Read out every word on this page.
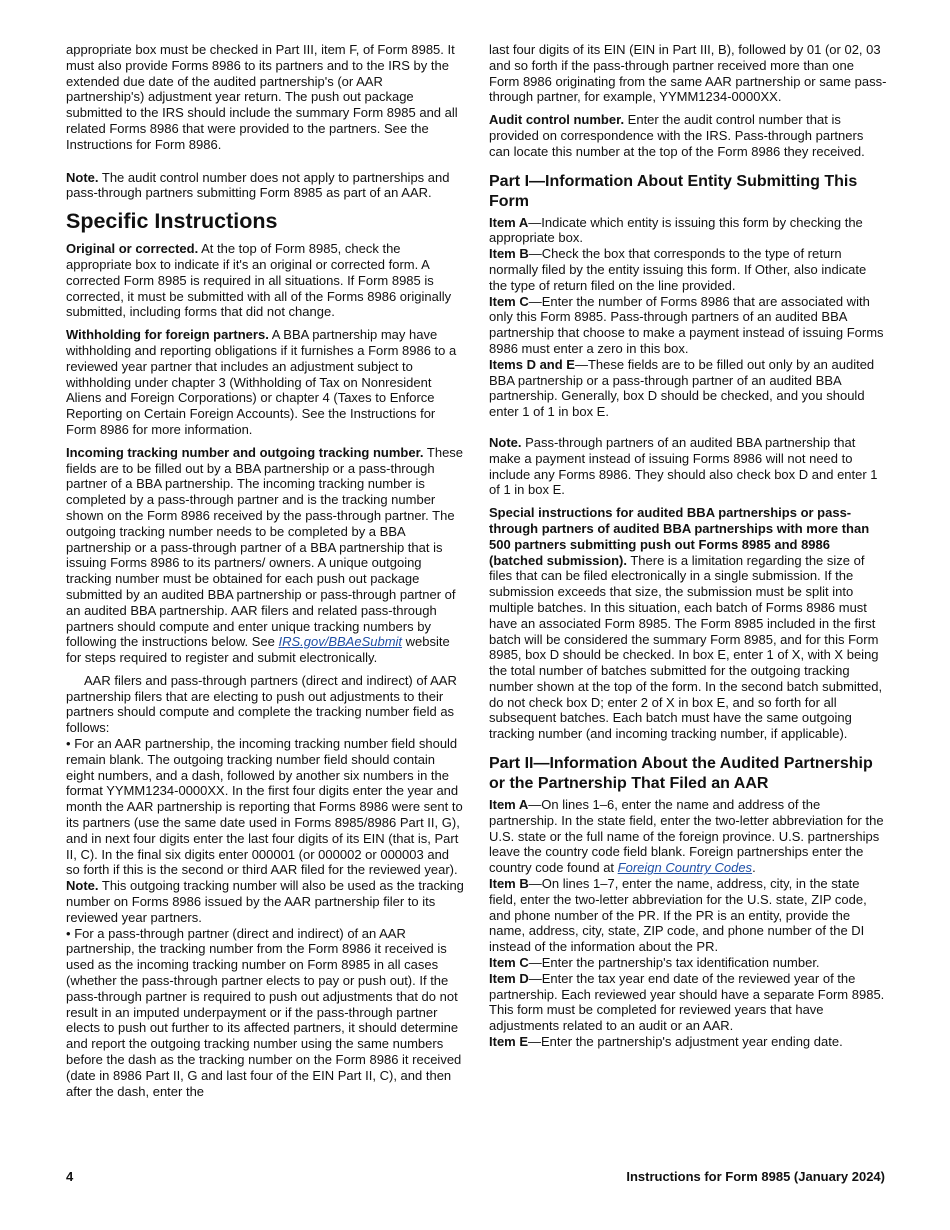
appropriate box must be checked in Part III, item F, of Form 8985. It must also provide Forms 8986 to its partners and to the IRS by the extended due date of the audited partnership's (or AAR partnership's) adjustment year return. The push out package submitted to the IRS should include the summary Form 8985 and all related Forms 8986 that were provided to the partners. See the Instructions for Form 8986.

Note. The audit control number does not apply to partnerships and pass-through partners submitting Form 8985 as part of an AAR.

Specific Instructions

Original or corrected. At the top of Form 8985, check the appropriate box to indicate if it's an original or corrected form. A corrected Form 8985 is required in all situations. If Form 8985 is corrected, it must be submitted with all of the Forms 8986 originally submitted, including forms that did not change.

Withholding for foreign partners. A BBA partnership may have withholding and reporting obligations if it furnishes a Form 8986 to a reviewed year partner that includes an adjustment subject to withholding under chapter 3 (Withholding of Tax on Nonresident Aliens and Foreign Corporations) or chapter 4 (Taxes to Enforce Reporting on Certain Foreign Accounts). See the Instructions for Form 8986 for more information.

Incoming tracking number and outgoing tracking number. These fields are to be filled out by a BBA partnership or a pass-through partner of a BBA partnership. The incoming tracking number is completed by a pass-through partner and is the tracking number shown on the Form 8986 received by the pass-through partner. The outgoing tracking number needs to be completed by a BBA partnership or a pass-through partner of a BBA partnership that is issuing Forms 8986 to its partners/ owners. A unique outgoing tracking number must be obtained for each push out package submitted by an audited BBA partnership or pass-through partner of an audited BBA partnership. AAR filers and related pass-through partners should compute and enter unique tracking numbers by following the instructions below. See IRS.gov/BBAeSubmit website for steps required to register and submit electronically.

AAR filers and pass-through partners (direct and indirect) of AAR partnership filers that are electing to push out adjustments to their partners should compute and complete the tracking number field as follows:

• For an AAR partnership, the incoming tracking number field should remain blank. The outgoing tracking number field should contain eight numbers, and a dash, followed by another six numbers in the format YYMM1234-0000XX. In the first four digits enter the year and month the AAR partnership is reporting that Forms 8986 were sent to its partners (use the same date used in Forms 8985/8986 Part II, G), and in next four digits enter the last four digits of its EIN (that is, Part II, C). In the final six digits enter 000001 (or 000002 or 000003 and so forth if this is the second or third AAR filed for the reviewed year).

Note. This outgoing tracking number will also be used as the tracking number on Forms 8986 issued by the AAR partnership filer to its reviewed year partners.

• For a pass-through partner (direct and indirect) of an AAR partnership, the tracking number from the Form 8986 it received is used as the incoming tracking number on Form 8985 in all cases (whether the pass-through partner elects to pay or push out). If the pass-through partner is required to push out adjustments that do not result in an imputed underpayment or if the pass-through partner elects to push out further to its affected partners, it should determine and report the outgoing tracking number using the same numbers before the dash as the tracking number on the Form 8986 it received (date in 8986 Part II, G and last four of the EIN Part II, C), and then after the dash, enter the

last four digits of its EIN (EIN in Part III, B), followed by 01 (or 02, 03 and so forth if the pass-through partner received more than one Form 8986 originating from the same AAR partnership or same pass-through partner, for example, YYMM1234-0000XX.

Audit control number. Enter the audit control number that is provided on correspondence with the IRS. Pass-through partners can locate this number at the top of the Form 8986 they received.

Part I—Information About Entity Submitting This Form

Item A—Indicate which entity is issuing this form by checking the appropriate box.

Item B—Check the box that corresponds to the type of return normally filed by the entity issuing this form. If Other, also indicate the type of return filed on the line provided.

Item C—Enter the number of Forms 8986 that are associated with only this Form 8985. Pass-through partners of an audited BBA partnership that choose to make a payment instead of issuing Forms 8986 must enter a zero in this box.

Items D and E—These fields are to be filled out only by an audited BBA partnership or a pass-through partner of an audited BBA partnership. Generally, box D should be checked, and you should enter 1 of 1 in box E.

Note. Pass-through partners of an audited BBA partnership that make a payment instead of issuing Forms 8986 will not need to include any Forms 8986. They should also check box D and enter 1 of 1 in box E.

Special instructions for audited BBA partnerships or pass-through partners of audited BBA partnerships with more than 500 partners submitting push out Forms 8985 and 8986 (batched submission). There is a limitation regarding the size of files that can be filed electronically in a single submission. If the submission exceeds that size, the submission must be split into multiple batches. In this situation, each batch of Forms 8986 must have an associated Form 8985. The Form 8985 included in the first batch will be considered the summary Form 8985, and for this Form 8985, box D should be checked. In box E, enter 1 of X, with X being the total number of batches submitted for the outgoing tracking number shown at the top of the form. In the second batch submitted, do not check box D; enter 2 of X in box E, and so forth for all subsequent batches. Each batch must have the same outgoing tracking number (and incoming tracking number, if applicable).

Part II—Information About the Audited Partnership or the Partnership That Filed an AAR

Item A—On lines 1–6, enter the name and address of the partnership. In the state field, enter the two-letter abbreviation for the U.S. state or the full name of the foreign province. U.S. partnerships leave the country code field blank. Foreign partnerships enter the country code found at Foreign Country Codes.

Item B—On lines 1–7, enter the name, address, city, in the state field, enter the two-letter abbreviation for the U.S. state, ZIP code, and phone number of the PR. If the PR is an entity, provide the name, address, city, state, ZIP code, and phone number of the DI instead of the information about the PR.

Item C—Enter the partnership's tax identification number.

Item D—Enter the tax year end date of the reviewed year of the partnership. Each reviewed year should have a separate Form 8985. This form must be completed for reviewed years that have adjustments related to an audit or an AAR.

Item E—Enter the partnership's adjustment year ending date.

4	Instructions for Form 8985 (January 2024)
